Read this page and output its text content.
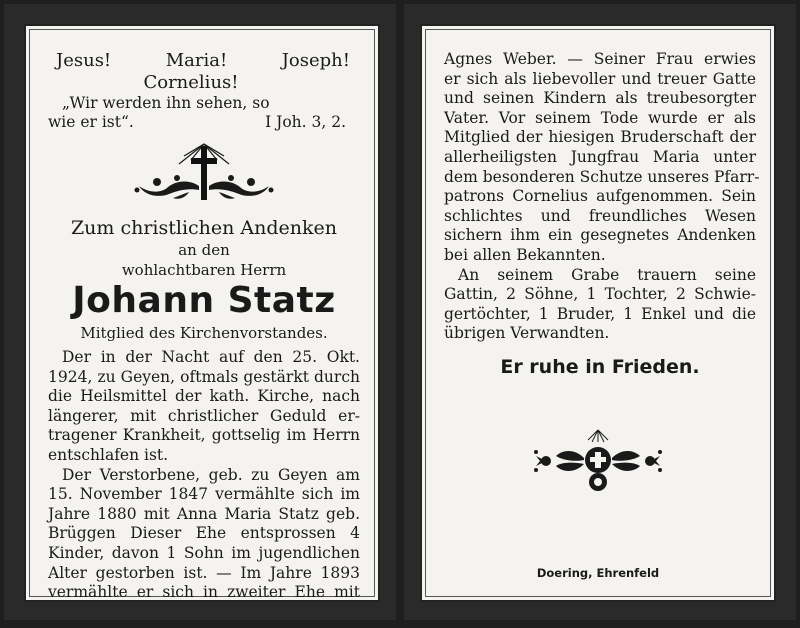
Jesus!	Maria!	Joseph!
Cornelius!
„Wir werden ihn sehen, so
wie er ist“.	I Joh. 3, 2.
Zum christlichen Andenken
an den
wohlachtbaren Herrn
Johann Statz
Mitglied des Kirchenvorstandes.
Der in der Nacht auf den 25. Okt.
1924, zu Geyen, oftmals gestärkt durch
die Heilsmittel der kath. Kirche, nach
längerer, mit christlicher Geduld er-
tragener Krankheit, gottselig im Herrn
entschlafen ist.
Der Verstorbene, geb. zu Geyen am
15. November 1847 vermählte sich im
Jahre 1880 mit Anna Maria Statz geb.
Brüggen Dieser Ehe entsprossen 4
Kinder, davon 1 Sohn im jugendlichen
Alter gestorben ist. — Im Jahre 1893
vermählte er sich in zweiter Ehe mit
Agnes Weber. — Seiner Frau erwies
er sich als liebevoller und treuer Gatte
und seinen Kindern als treubesorgter
Vater. Vor seinem Tode wurde er als
Mitglied der hiesigen Bruderschaft der
allerheiligsten Jungfrau Maria unter
dem besonderen Schutze unseres Pfarr-
patrons Cornelius aufgenommen. Sein
schlichtes und freundliches Wesen
sichern ihm ein gesegnetes Andenken
bei allen Bekannten.
An seinem Grabe trauern seine
Gattin, 2 Söhne, 1 Tochter, 2 Schwie-
gertöchter, 1 Bruder, 1 Enkel und die
übrigen Verwandten.
Er ruhe in Frieden.
Doering, Ehrenfeld
